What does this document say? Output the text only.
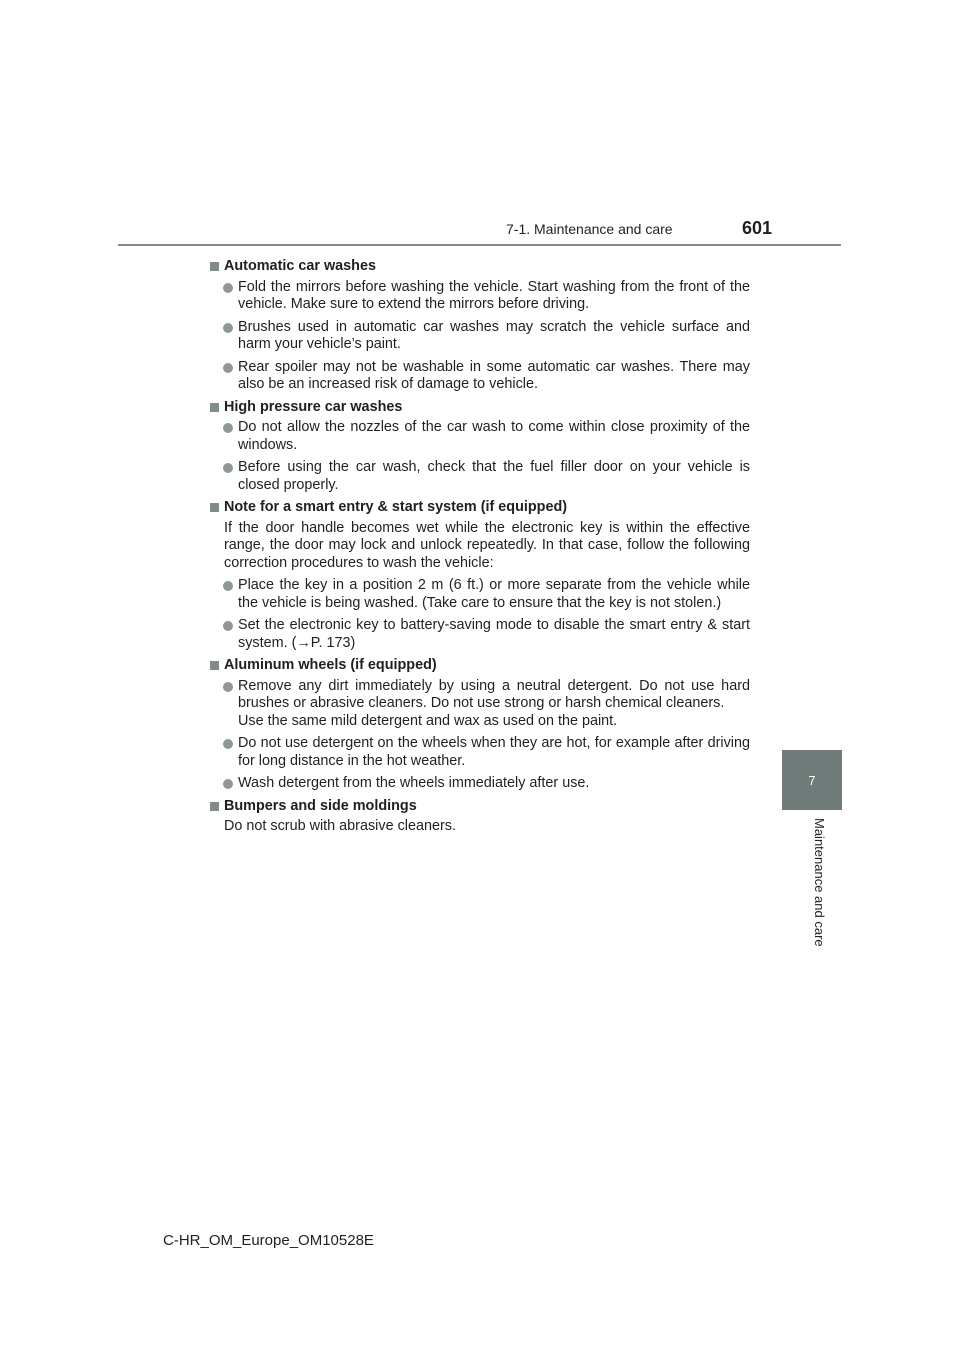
7-1. Maintenance and care	601
7
Maintenance and care
Automatic car washes
Fold the mirrors before washing the vehicle. Start washing from the front of the vehicle. Make sure to extend the mirrors before driving.
Brushes used in automatic car washes may scratch the vehicle surface and harm your vehicle’s paint.
Rear spoiler may not be washable in some automatic car washes. There may also be an increased risk of damage to vehicle.
High pressure car washes
Do not allow the nozzles of the car wash to come within close proximity of the windows.
Before using the car wash, check that the fuel filler door on your vehicle is closed properly.
Note for a smart entry & start system (if equipped)
If the door handle becomes wet while the electronic key is within the effective range, the door may lock and unlock repeatedly. In that case, follow the following correction procedures to wash the vehicle:
Place the key in a position 2 m (6 ft.) or more separate from the vehicle while the vehicle is being washed. (Take care to ensure that the key is not stolen.)
Set the electronic key to battery-saving mode to disable the smart entry & start system. (→P. 173)
Aluminum wheels (if equipped)
Remove any dirt immediately by using a neutral detergent. Do not use hard brushes or abrasive cleaners. Do not use strong or harsh chemical cleaners.
Use the same mild detergent and wax as used on the paint.
Do not use detergent on the wheels when they are hot, for example after driving for long distance in the hot weather.
Wash detergent from the wheels immediately after use.
Bumpers and side moldings
Do not scrub with abrasive cleaners.
C-HR_OM_Europe_OM10528E
